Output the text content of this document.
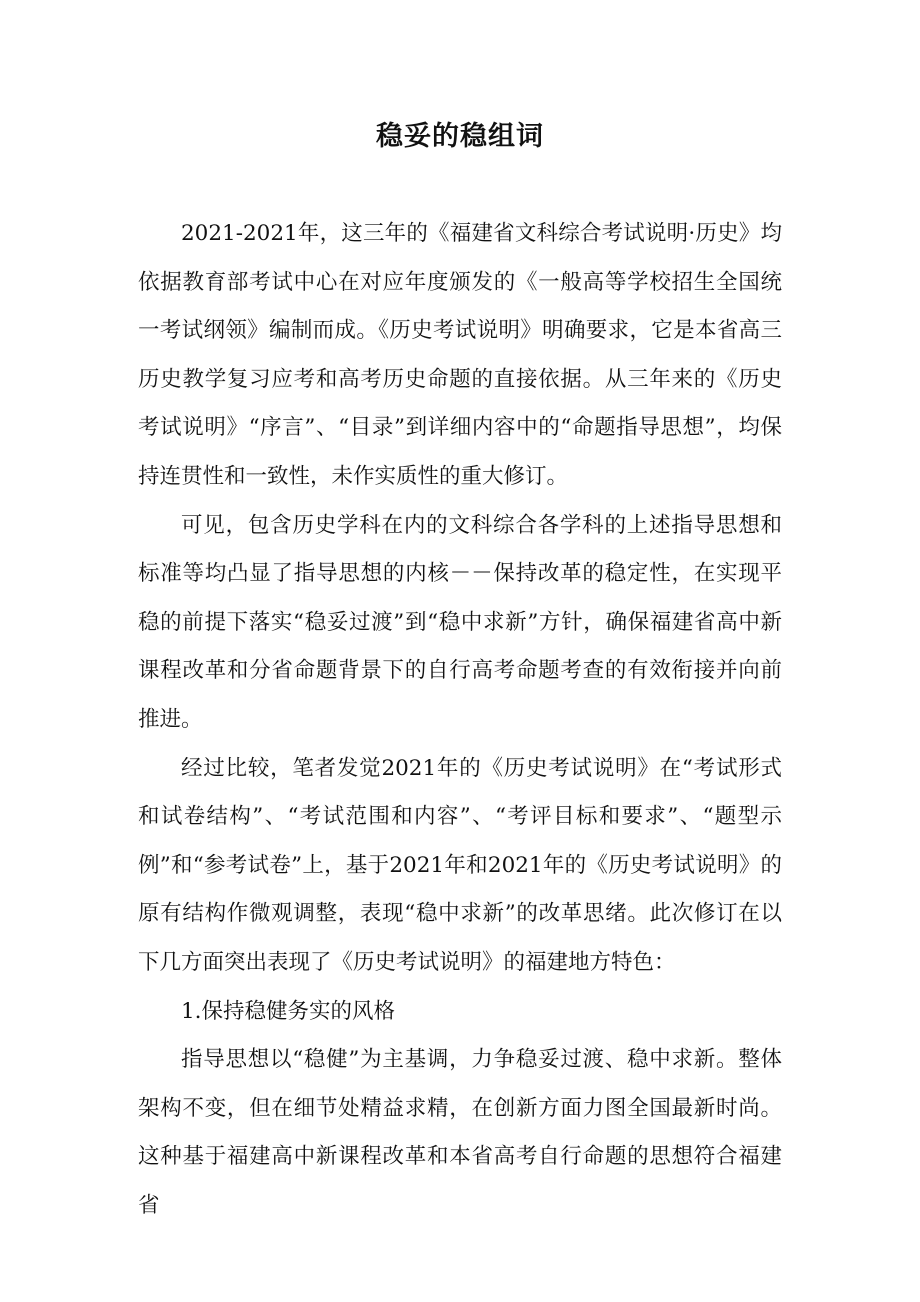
稳妥的稳组词

2021-2021年，这三年的《福建省文科综合考试说明·历史》均依据教育部考试中心在对应年度颁发的《一般高等学校招生全国统一考试纲领》编制而成。《历史考试说明》明确要求，它是本省高三历史教学复习应考和高考历史命题的直接依据。从三年来的《历史考试说明》“序言”、“目录”到详细内容中的“命题指导思想”，均保持连贯性和一致性，未作实质性的重大修订。

可见，包含历史学科在内的文科综合各学科的上述指导思想和标准等均凸显了指导思想的内核－－保持改革的稳定性，在实现平稳的前提下落实“稳妥过渡”到“稳中求新”方针，确保福建省高中新课程改革和分省命题背景下的自行高考命题考查的有效衔接并向前推进。

经过比较，笔者发觉2021年的《历史考试说明》在“考试形式和试卷结构”、“考试范围和内容”、“考评目标和要求”、“题型示例”和“参考试卷”上，基于2021年和2021年的《历史考试说明》的原有结构作微观调整，表现“稳中求新”的改革思绪。此次修订在以下几方面突出表现了《历史考试说明》的福建地方特色：

1.保持稳健务实的风格

指导思想以“稳健”为主基调，力争稳妥过渡、稳中求新。整体架构不变，但在细节处精益求精，在创新方面力图全国最新时尚。这种基于福建高中新课程改革和本省高考自行命题的思想符合福建省
